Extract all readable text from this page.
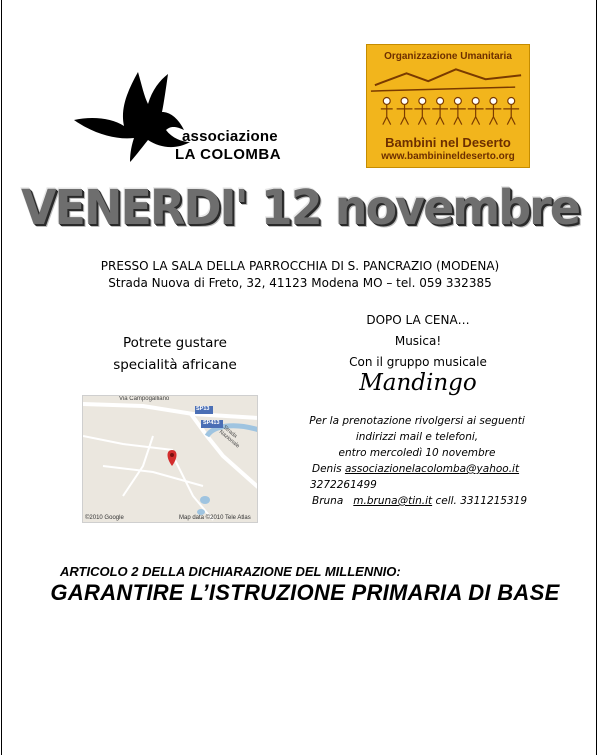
associazione
LA COLOMBA
Organizzazione Umanitaria
Bambini nel Deserto
www.bambinineldeserto.org
VENERDI' 12 novembre
PRESSO LA SALA DELLA PARROCCHIA DI S. PANCRAZIO (MODENA)
Strada Nuova di Freto, 32, 41123 Modena MO – tel. 059 332385
Potrete gustare
specialità africane
Via Campogalliano
Strada Nazionale
SP13
SP413
©2010 Google	Map data ©2010 Tele Atlas
DOPO LA CENA…
Musica!
Con il gruppo musicale
Mandingo
Per la prenotazione rivolgersi ai seguenti
indirizzi mail e telefoni,
entro mercoledì 10 novembre
Denis associazionelacolomba@yahoo.it
3272261499
Bruna m.bruna@tin.it cell. 3311215319
ARTICOLO 2 DELLA DICHIARAZIONE DEL MILLENNIO:
GARANTIRE L’ISTRUZIONE PRIMARIA DI BASE
